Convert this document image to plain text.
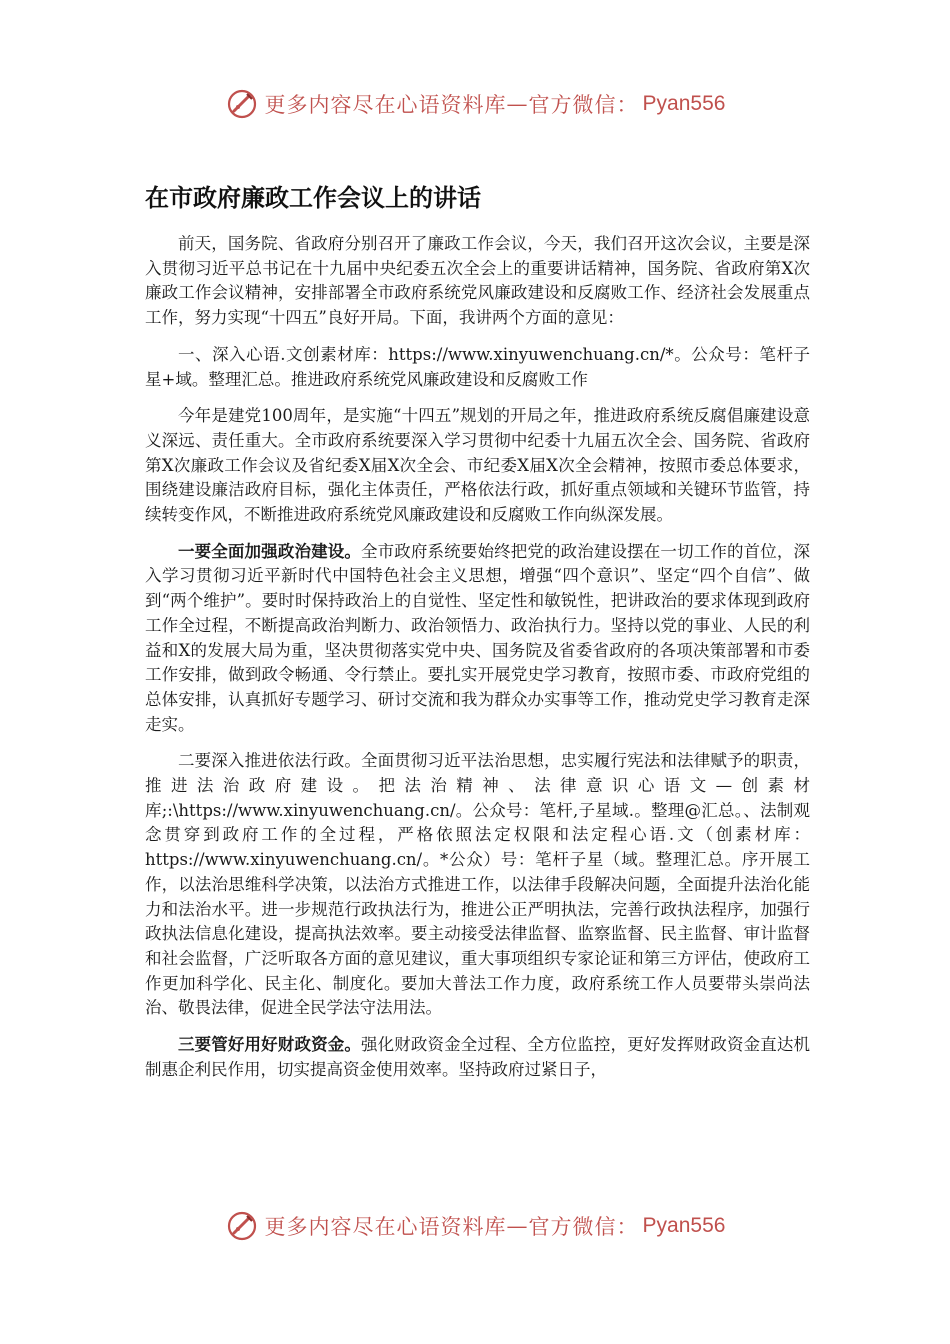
更多内容尽在心语资料库 — 官方微信： Pyan556
在市政府廉政工作会议上的讲话

前天，国务院、省政府分别召开了廉政工作会议，今天，我们召开这次会议，主要是深入贯彻习近平总书记在十九届中央纪委五次全会上的重要讲话精神，国务院、省政府第X次廉政工作会议精神，安排部署全市政府系统党风廉政建设和反腐败工作、经济社会发展重点工作，努力实现“十四五”良好开局。下面，我讲两个方面的意见：

一、深入心语.文创素材库：https://www.xinyuwenchuang.cn/*。公众号：笔杆子星+域。整理汇总。推进政府系统党风廉政建设和反腐败工作

今年是建党100周年，是实施“十四五”规划的开局之年，推进政府系统反腐倡廉建设意义深远、责任重大。全市政府系统要深入学习贯彻中纪委十九届五次全会、国务院、省政府第X次廉政工作会议及省纪委X届X次全会、市纪委X届X次全会精神，按照市委总体要求，围绕建设廉洁政府目标，强化主体责任，严格依法行政，抓好重点领域和关键环节监管，持续转变作风，不断推进政府系统党风廉政建设和反腐败工作向纵深发展。

一要全面加强政治建设。全市政府系统要始终把党的政治建设摆在一切工作的首位，深入学习贯彻习近平新时代中国特色社会主义思想，增强“四个意识”、坚定“四个自信”、做到“两个维护”。要时时保持政治上的自觉性、坚定性和敏锐性，把讲政治的要求体现到政府工作全过程，不断提高政治判断力、政治领悟力、政治执行力。坚持以党的事业、人民的利益和X的发展大局为重，坚决贯彻落实党中央、国务院及省委省政府的各项决策部署和市委工作安排，做到政令畅通、令行禁止。要扎实开展党史学习教育，按照市委、市政府党组的总体安排，认真抓好专题学习、研讨交流和我为群众办实事等工作，推动党史学习教育走深走实。

二要深入推进依法行政。全面贯彻习近平法治思想，忠实履行宪法和法律赋予的职责，推进法治政府建设。把法治精神、法律意识心语文—创素材库;:\https://www.xinyuwenchuang.cn/。公众号：笔杆,子星域.。整理@汇总。、法制观念贯穿到政府工作的全过程，严格依照法定权限和法定程心语.文（创素材库：https://www.xinyuwenchuang.cn/。*公众）号：笔杆子星（域。整理汇总。序开展工作，以法治思维科学决策，以法治方式推进工作，以法律手段解决问题，全面提升法治化能力和法治水平。进一步规范行政执法行为，推进公正严明执法，完善行政执法程序，加强行政执法信息化建设，提高执法效率。要主动接受法律监督、监察监督、民主监督、审计监督和社会监督，广泛听取各方面的意见建议，重大事项组织专家论证和第三方评估，使政府工作更加科学化、民主化、制度化。要加大普法工作力度，政府系统工作人员要带头崇尚法治、敬畏法律，促进全民学法守法用法。

三要管好用好财政资金。强化财政资金全过程、全方位监控，更好发挥财政资金直达机制惠企利民作用，切实提高资金使用效率。坚持政府过紧日子，

更多内容尽在心语资料库 — 官方微信： Pyan556
